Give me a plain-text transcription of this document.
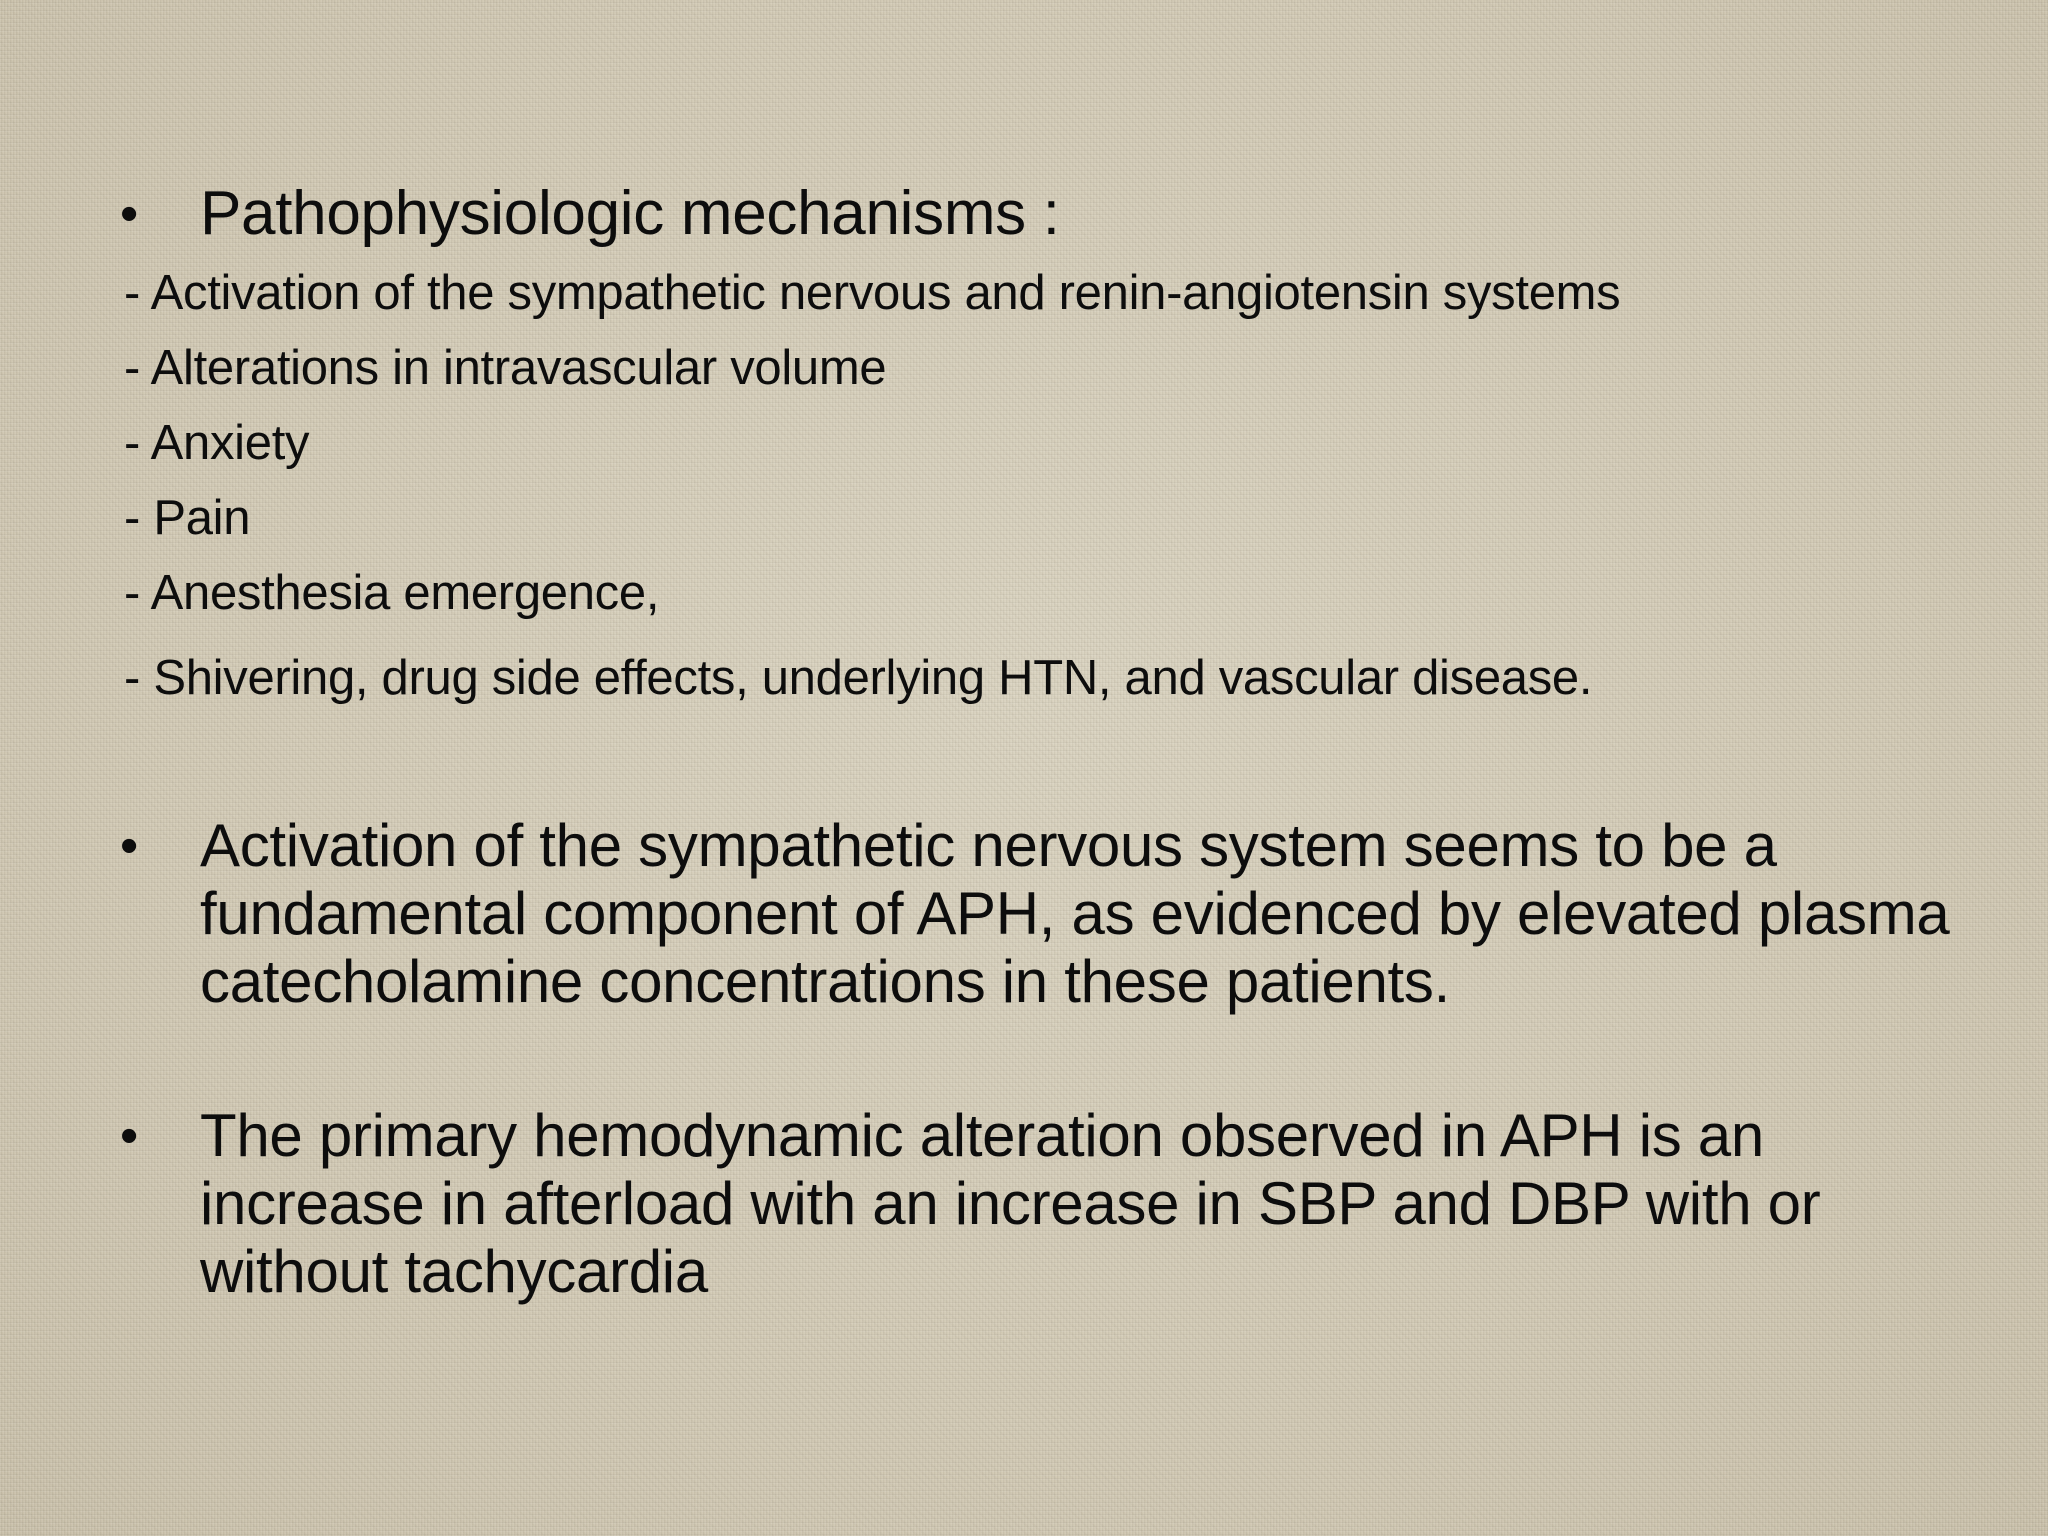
• Pathophysiologic mechanisms :
- Activation of the sympathetic nervous and renin-angiotensin systems
- Alterations in intravascular volume
- Anxiety
- Pain
- Anesthesia emergence,
- Shivering, drug side effects, underlying HTN, and vascular disease.
•	Activation of the sympathetic nervous system seems to be a fundamental component of APH, as evidenced by elevated plasma catecholamine concentrations in these patients.
•	The primary hemodynamic alteration observed in APH is an increase in afterload with an increase in SBP and DBP with or without tachycardia
